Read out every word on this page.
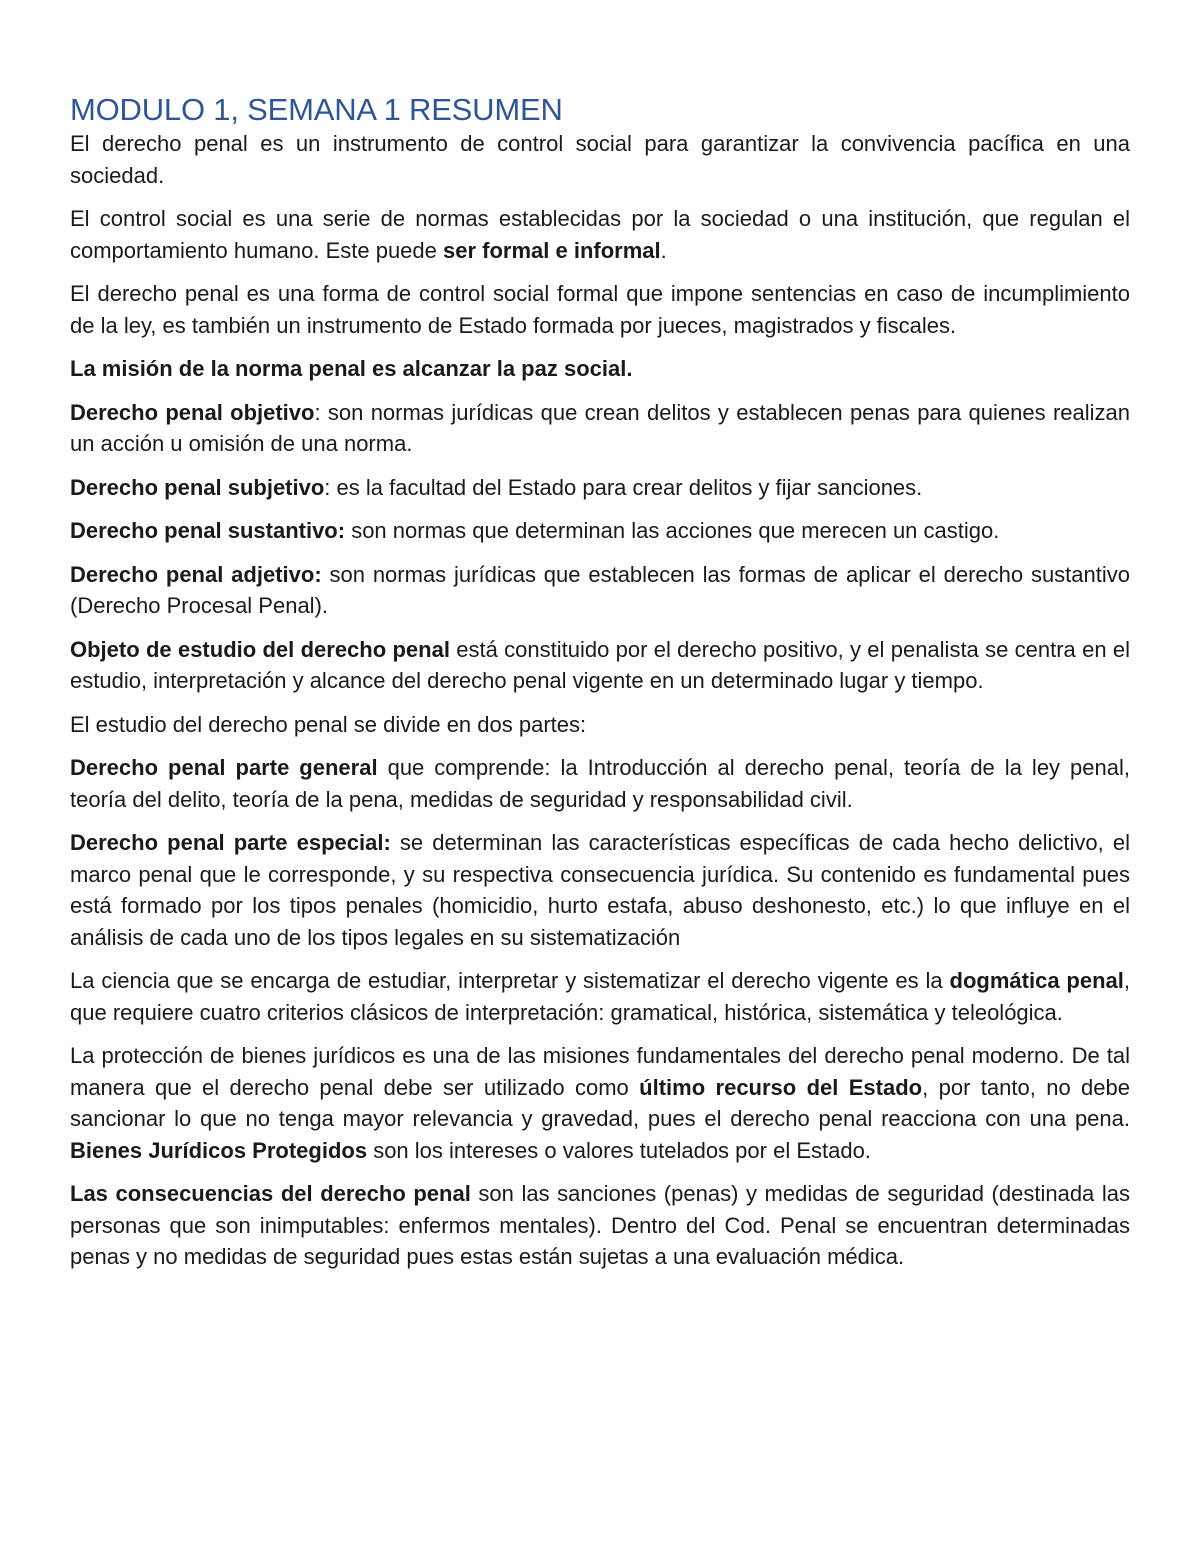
MODULO 1, SEMANA 1 RESUMEN

El derecho penal es un instrumento de control social para garantizar la convivencia pacífica en una sociedad.

El control social es una serie de normas establecidas por la sociedad o una institución, que regulan el comportamiento humano. Este puede ser formal e informal.

El derecho penal es una forma de control social formal que impone sentencias en caso de incumplimiento de la ley, es también un instrumento de Estado formada por jueces, magistrados y fiscales.

La misión de la norma penal es alcanzar la paz social.

Derecho penal objetivo: son normas jurídicas que crean delitos y establecen penas para quienes realizan un acción u omisión de una norma.

Derecho penal subjetivo: es la facultad del Estado para crear delitos y fijar sanciones.

Derecho penal sustantivo: son normas que determinan las acciones que merecen un castigo.

Derecho penal adjetivo: son normas jurídicas que establecen las formas de aplicar el derecho sustantivo (Derecho Procesal Penal).

Objeto de estudio del derecho penal está constituido por el derecho positivo, y el penalista se centra en el estudio, interpretación y alcance del derecho penal vigente en un determinado lugar y tiempo.

El estudio del derecho penal se divide en dos partes:

Derecho penal parte general que comprende: la Introducción al derecho penal, teoría de la ley penal, teoría del delito, teoría de la pena, medidas de seguridad y responsabilidad civil.

Derecho penal parte especial: se determinan las características específicas de cada hecho delictivo, el marco penal que le corresponde, y su respectiva consecuencia jurídica. Su contenido es fundamental pues está formado por los tipos penales (homicidio, hurto estafa, abuso deshonesto, etc.) lo que influye en el análisis de cada uno de los tipos legales en su sistematización

La ciencia que se encarga de estudiar, interpretar y sistematizar el derecho vigente es la dogmática penal, que requiere cuatro criterios clásicos de interpretación: gramatical, histórica, sistemática y teleológica.

La protección de bienes jurídicos es una de las misiones fundamentales del derecho penal moderno. De tal manera que el derecho penal debe ser utilizado como último recurso del Estado, por tanto, no debe sancionar lo que no tenga mayor relevancia y gravedad, pues el derecho penal reacciona con una pena. Bienes Jurídicos Protegidos son los intereses o valores tutelados por el Estado.

Las consecuencias del derecho penal son las sanciones (penas) y medidas de seguridad (destinada las personas que son inimputables: enfermos mentales). Dentro del Cod. Penal se encuentran determinadas penas y no medidas de seguridad pues estas están sujetas a una evaluación médica.
